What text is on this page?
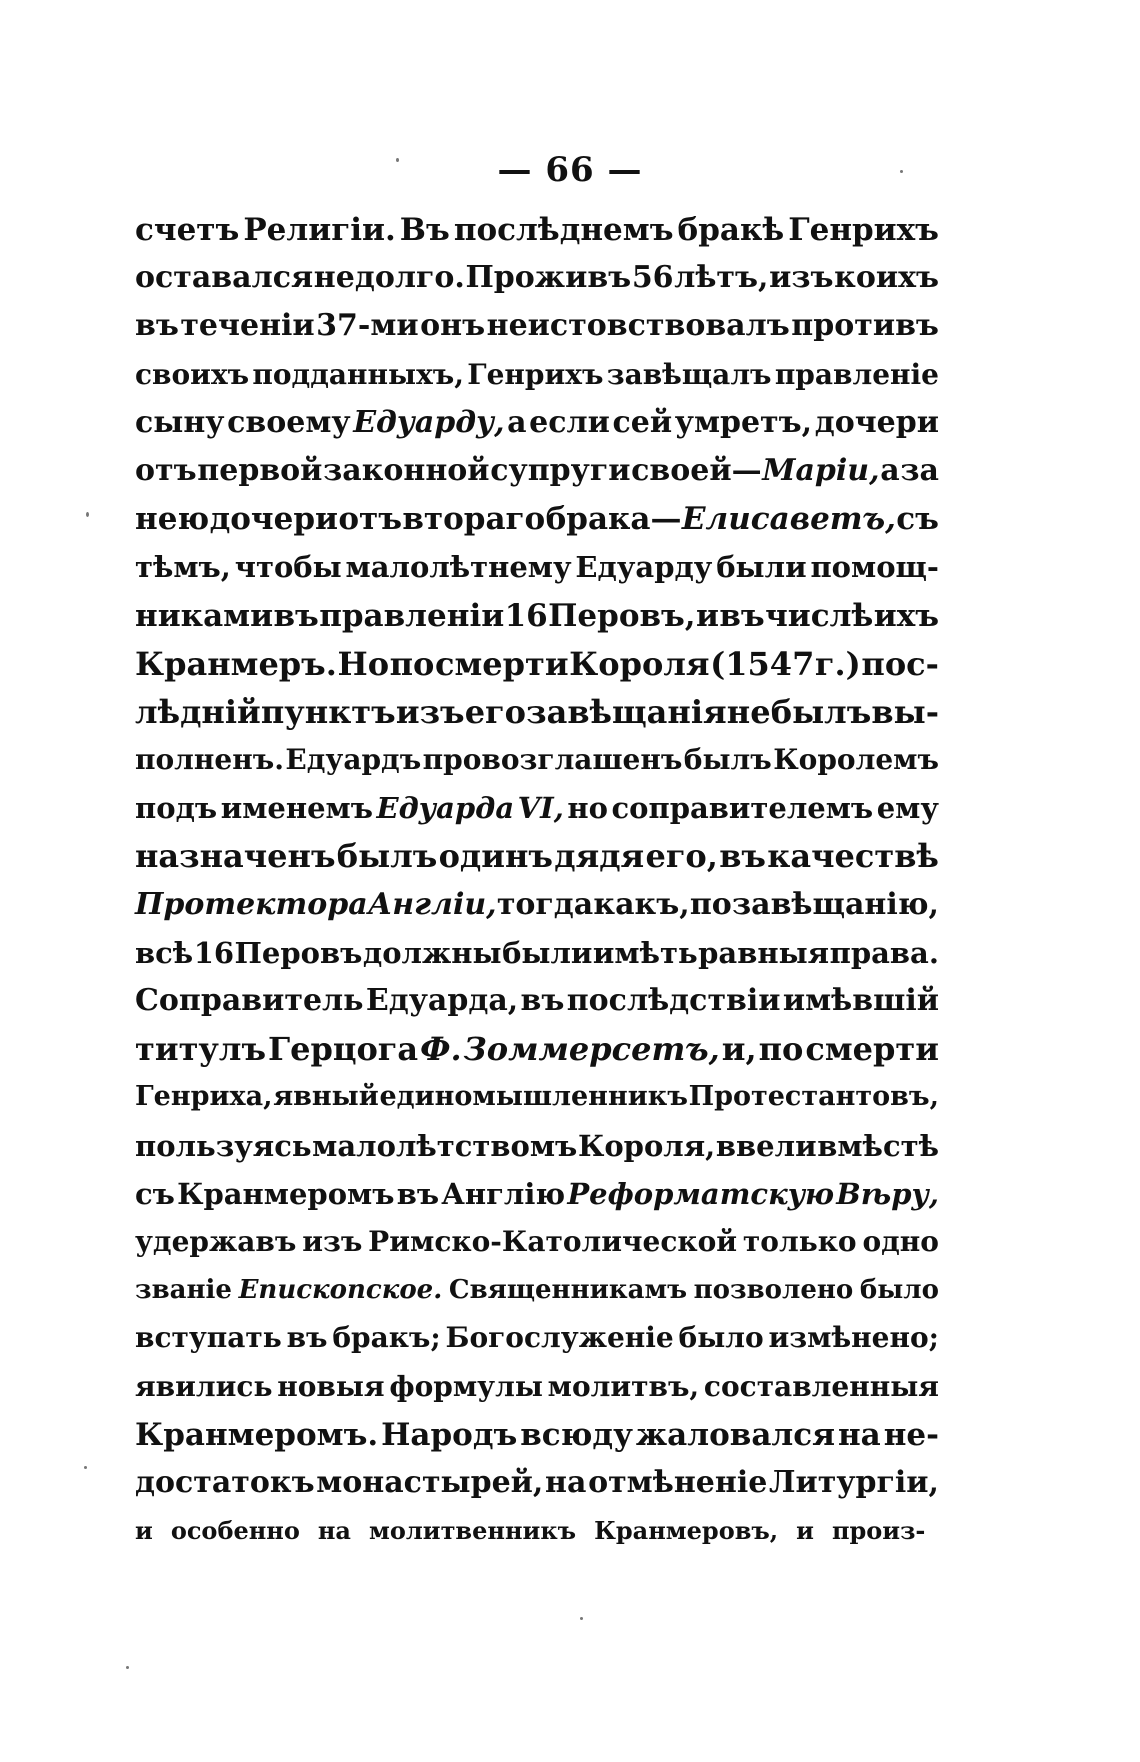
— 66 —
счетъ Религіи. Въ послѣднемъ бракѣ Генрихъ
оставался недолго. Проживъ 56 лѣтъ, изъ коихъ
въ теченіи 37-ми онъ неистовствовалъ противъ
своихъ подданныхъ, Генрихъ завѣщалъ правленіе
сыну своему Едуарду, а если сей умретъ, дочери
отъ первой законной супруги своей— Маріи, а за
нею дочери отъ втораго брака— Елисаветъ, съ
тѣмъ, чтобы малолѣтнему Едуарду были помощ-
никами въ правленіи 16 Перовъ, и въ числѣ ихъ
Кранмеръ. Но по смерти Короля (1547 г.) пос-
лѣдній пунктъ изъ его завѣщанія не былъ вы-
полненъ. Едуардъ провозглашенъ былъ Королемъ
подъ именемъ Едуарда VI, но соправителемъ ему
назначенъ былъ одинъ дядя его, въ качествѣ
Протектора Англіи, тогда какъ, по завѣщанію,
всѣ 16 Перовъ должны были имѣть равныя права.
Соправитель Едуарда, въ послѣдствіи имѣвшій
титулъ Герцога Ф. Зоммерсетъ, и, по смерти
Генриха, явный единомышленникъ Протестантовъ,
пользуясь малолѣтствомъ Короля, ввели вмѣстѣ
съ Кранмеромъ въ Англію Реформатскую Вѣру,
удержавъ изъ Римско-Католической только одно
званіе Епископское. Священникамъ позволено было
вступать въ бракъ; Богослуженіе было измѣнено;
явились новыя формулы молитвъ, составленныя
Кранмеромъ. Народъ всюду жаловался на не-
достатокъ монастырей, на отмѣненіе Литургіи,
и особенно на молитвенникъ Кранмеровъ, и произ-
